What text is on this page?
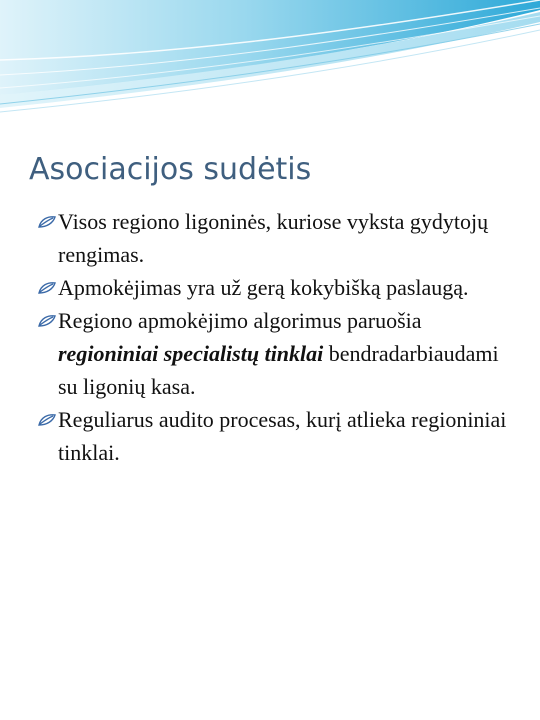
Asociacijos sudėtis
Visos regiono ligoninės, kuriose vyksta gydytojų rengimas.
Apmokėjimas yra už gerą kokybišką paslaugą.
Regiono apmokėjimo algorimus paruošia regioniniai specialistų tinklai bendradarbiaudami su ligonių kasa.
Reguliarus audito procesas, kurį atlieka regioniniai tinklai.
